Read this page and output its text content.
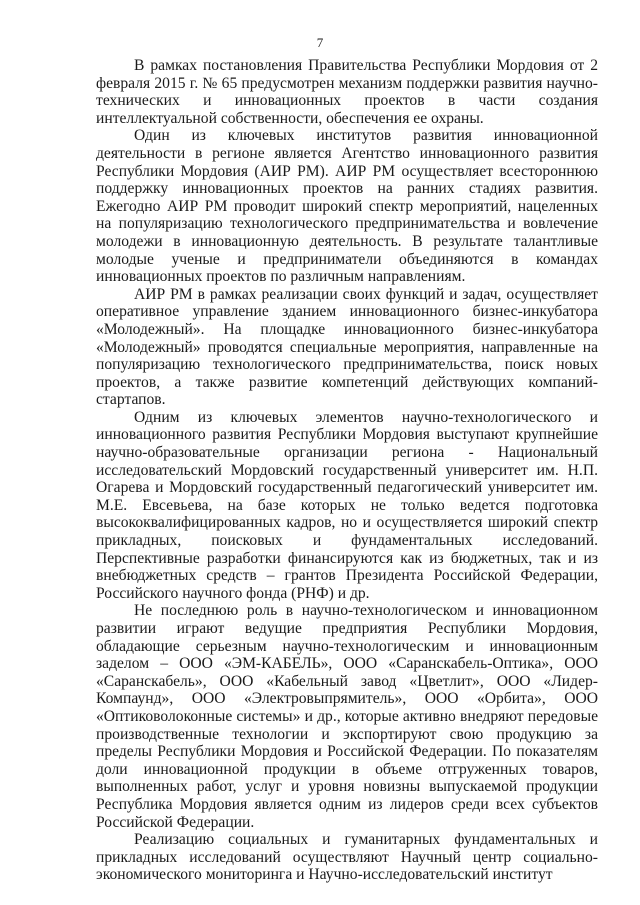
7

В рамках постановления Правительства Республики Мордовия от 2 февраля 2015 г. № 65 предусмотрен механизм поддержки развития научно-технических и инновационных проектов в части создания интеллектуальной собственности, обеспечения ее охраны.

Один из ключевых институтов развития инновационной деятельности в регионе является Агентство инновационного развития Республики Мордовия (АИР РМ). АИР РМ осуществляет всестороннюю поддержку инновационных проектов на ранних стадиях развития. Ежегодно АИР РМ проводит широкий спектр мероприятий, нацеленных на популяризацию технологического предпринимательства и вовлечение молодежи в инновационную деятельность. В результате талантливые молодые ученые и предприниматели объединяются в командах инновационных проектов по различным направлениям.

АИР РМ в рамках реализации своих функций и задач, осуществляет оперативное управление зданием инновационного бизнес-инкубатора «Молодежный». На площадке инновационного бизнес-инкубатора «Молодежный» проводятся специальные мероприятия, направленные на популяризацию технологического предпринимательства, поиск новых проектов, а также развитие компетенций действующих компаний-стартапов.

Одним из ключевых элементов научно-технологического и инновационного развития Республики Мордовия выступают крупнейшие научно-образовательные организации региона - Национальный исследовательский Мордовский государственный университет им. Н.П. Огарева и Мордовский государственный педагогический университет им. М.Е. Евсевьева, на базе которых не только ведется подготовка высококвалифицированных кадров, но и осуществляется широкий спектр прикладных, поисковых и фундаментальных исследований. Перспективные разработки финансируются как из бюджетных, так и из внебюджетных средств – грантов Президента Российской Федерации, Российского научного фонда (РНФ) и др.

Не последнюю роль в научно-технологическом и инновационном развитии играют ведущие предприятия Республики Мордовия, обладающие серьезным научно-технологическим и инновационным заделом – ООО «ЭМ-КАБЕЛЬ», ООО «Саранскабель-Оптика», ООО «Саранскабель», ООО «Кабельный завод «Цветлит», ООО «Лидер-Компаунд», ООО «Электровыпрямитель», ООО «Орбита», ООО «Оптиковолоконные системы» и др., которые активно внедряют передовые производственные технологии и экспортируют свою продукцию за пределы Республики Мордовия и Российской Федерации. По показателям доли инновационной продукции в объеме отгруженных товаров, выполненных работ, услуг и уровня новизны выпускаемой продукции Республика Мордовия является одним из лидеров среди всех субъектов Российской Федерации.

Реализацию социальных и гуманитарных фундаментальных и прикладных исследований осуществляют Научный центр социально-экономического мониторинга и Научно-исследовательский институт
